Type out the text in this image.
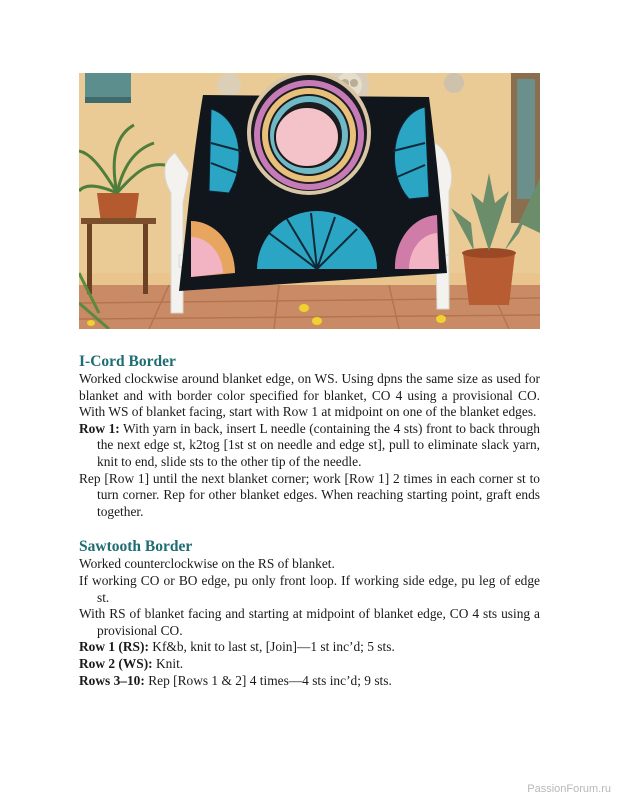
I-Cord Border

Worked clockwise around blanket edge, on WS. Using dpns the same size as used for blanket and with border color specified for blanket, CO 4 using a provisional CO. With WS of blanket facing, start with Row 1 at midpoint on one of the blanket edges.

Row 1: With yarn in back, insert L needle (containing the 4 sts) front to back through the next edge st, k2tog [1st st on needle and edge st], pull to eliminate slack yarn, knit to end, slide sts to the other tip of the needle.

Rep [Row 1] until the next blanket corner; work [Row 1] 2 times in each corner st to turn corner. Rep for other blanket edges. When reaching starting point, graft ends together.

Sawtooth Border

Worked counterclockwise on the RS of blanket.

If working CO or BO edge, pu only front loop. If working side edge, pu leg of edge st.

With RS of blanket facing and starting at midpoint of blanket edge, CO 4 sts using a provisional CO.

Row 1 (RS): Kf&b, knit to last st, [Join]—1 st inc’d; 5 sts.

Row 2 (WS): Knit.

Rows 3–10: Rep [Rows 1 & 2] 4 times—4 sts inc’d; 9 sts.

PassionForum.ru
